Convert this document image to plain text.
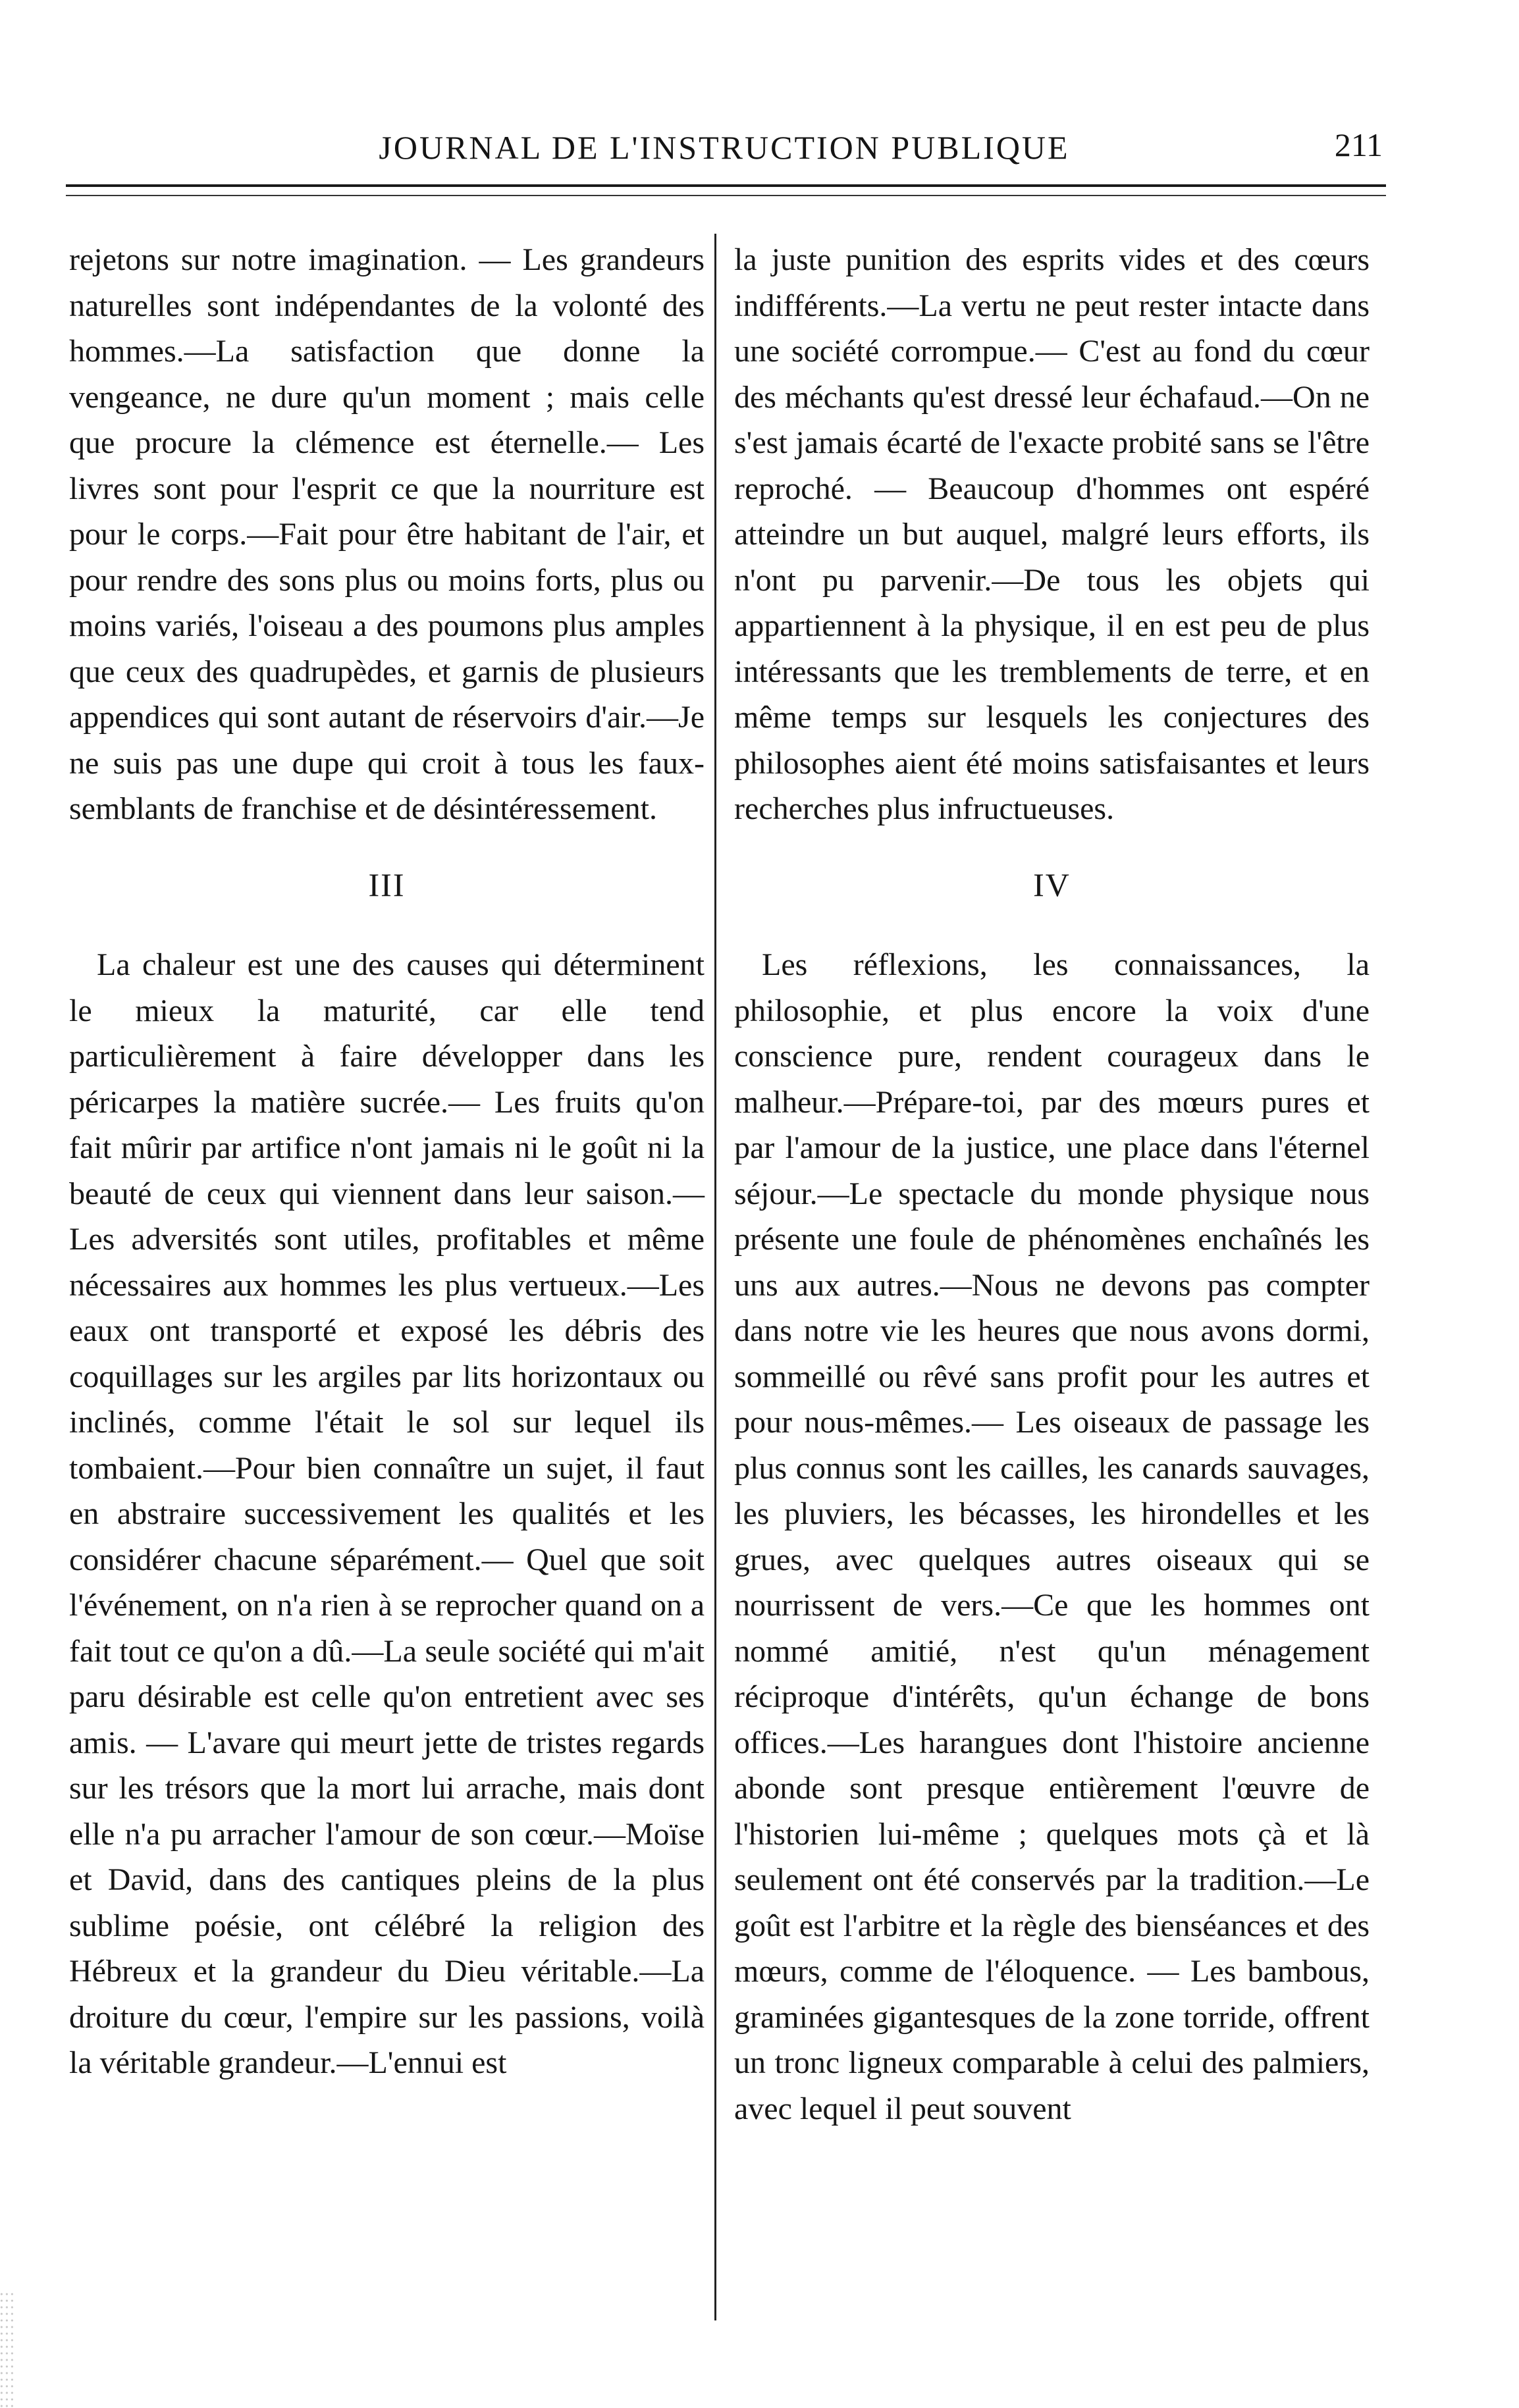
JOURNAL DE L'INSTRUCTION PUBLIQUE	211

rejetons sur notre imagination. — Les grandeurs naturelles sont indépendantes de la volonté des hommes.—La satisfaction que donne la vengeance, ne dure qu'un moment ; mais celle que procure la clémence est éternelle.— Les livres sont pour l'esprit ce que la nourriture est pour le corps.—Fait pour être habitant de l'air, et pour rendre des sons plus ou moins forts, plus ou moins variés, l'oiseau a des poumons plus amples que ceux des quadrupèdes, et garnis de plusieurs appendices qui sont autant de réservoirs d'air.—Je ne suis pas une dupe qui croit à tous les faux-semblants de franchise et de désintéressement.

III

La chaleur est une des causes qui déterminent le mieux la maturité, car elle tend particulièrement à faire développer dans les péricarpes la matière sucrée.— Les fruits qu'on fait mûrir par artifice n'ont jamais ni le goût ni la beauté de ceux qui viennent dans leur saison.—Les adversités sont utiles, profitables et même nécessaires aux hommes les plus vertueux.—Les eaux ont transporté et exposé les débris des coquillages sur les argiles par lits horizontaux ou inclinés, comme l'était le sol sur lequel ils tombaient.—Pour bien connaître un sujet, il faut en abstraire successivement les qualités et les considérer chacune séparément.— Quel que soit l'événement, on n'a rien à se reprocher quand on a fait tout ce qu'on a dû.—La seule société qui m'ait paru désirable est celle qu'on entretient avec ses amis. — L'avare qui meurt jette de tristes regards sur les trésors que la mort lui arrache, mais dont elle n'a pu arracher l'amour de son cœur.—Moïse et David, dans des cantiques pleins de la plus sublime poésie, ont célébré la religion des Hébreux et la grandeur du Dieu véritable.—La droiture du cœur, l'empire sur les passions, voilà la véritable grandeur.—L'ennui est

la juste punition des esprits vides et des cœurs indifférents.—La vertu ne peut rester intacte dans une société corrompue.— C'est au fond du cœur des méchants qu'est dressé leur échafaud.—On ne s'est jamais écarté de l'exacte probité sans se l'être reproché. — Beaucoup d'hommes ont espéré atteindre un but auquel, malgré leurs efforts, ils n'ont pu parvenir.—De tous les objets qui appartiennent à la physique, il en est peu de plus intéressants que les tremblements de terre, et en même temps sur lesquels les conjectures des philosophes aient été moins satisfaisantes et leurs recherches plus infructueuses.

IV

Les réflexions, les connaissances, la philosophie, et plus encore la voix d'une conscience pure, rendent courageux dans le malheur.—Prépare-toi, par des mœurs pures et par l'amour de la justice, une place dans l'éternel séjour.—Le spectacle du monde physique nous présente une foule de phénomènes enchaînés les uns aux autres.—Nous ne devons pas compter dans notre vie les heures que nous avons dormi, sommeillé ou rêvé sans profit pour les autres et pour nous-mêmes.— Les oiseaux de passage les plus connus sont les cailles, les canards sauvages, les pluviers, les bécasses, les hirondelles et les grues, avec quelques autres oiseaux qui se nourrissent de vers.—Ce que les hommes ont nommé amitié, n'est qu'un ménagement réciproque d'intérêts, qu'un échange de bons offices.—Les harangues dont l'histoire ancienne abonde sont presque entièrement l'œuvre de l'historien lui-même ; quelques mots çà et là seulement ont été conservés par la tradition.—Le goût est l'arbitre et la règle des bienséances et des mœurs, comme de l'éloquence. — Les bambous, graminées gigantesques de la zone torride, offrent un tronc ligneux comparable à celui des palmiers, avec lequel il peut souvent
